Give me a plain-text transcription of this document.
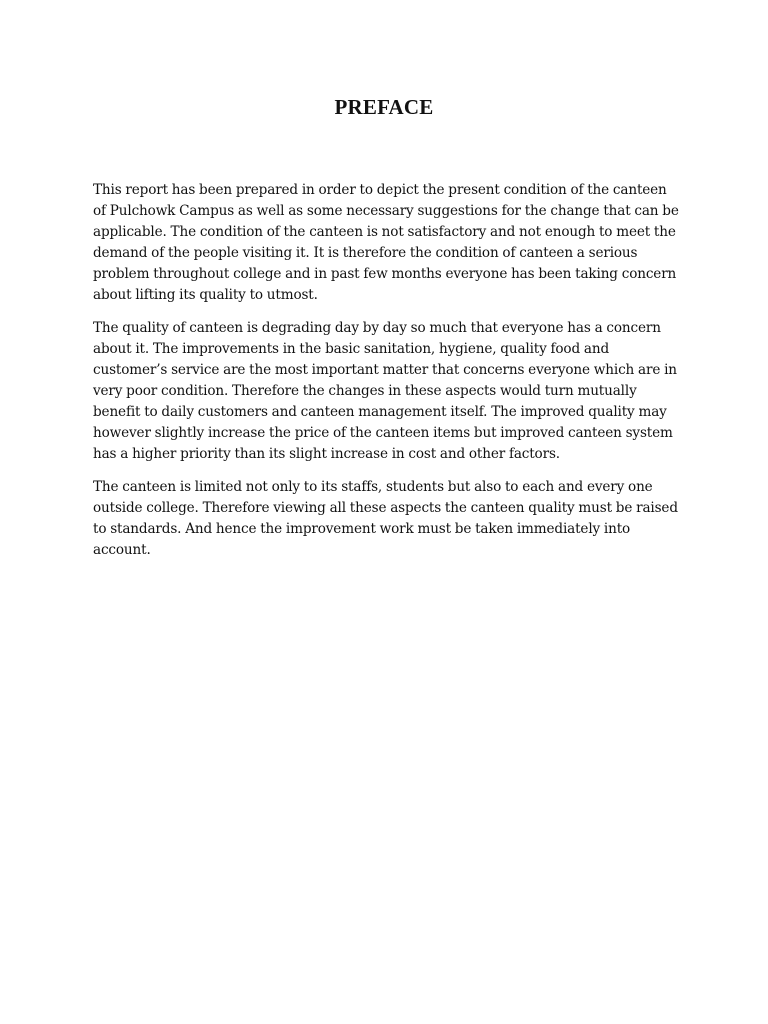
PREFACE

This report has been prepared in order to depict the present condition of the canteen of Pulchowk Campus as well as some necessary suggestions for the change that can be applicable. The condition of the canteen is not satisfactory and not enough to meet the demand of the people visiting it. It is therefore the condition of canteen a serious problem throughout college and in past few months everyone has been taking concern about lifting its quality to utmost.

The quality of canteen is degrading day by day so much that everyone has a concern about it. The improvements in the basic sanitation, hygiene, quality food and customer’s service are the most important matter that concerns everyone which are in very poor condition. Therefore the changes in these aspects would turn mutually benefit to daily customers and canteen management itself. The improved quality may however slightly increase the price of the canteen items but improved canteen system has a higher priority than its slight increase in cost and other factors.

The canteen is limited not only to its staffs, students but also to each and every one outside college. Therefore viewing all these aspects the canteen quality must be raised to standards. And hence the improvement work must be taken immediately into account.
